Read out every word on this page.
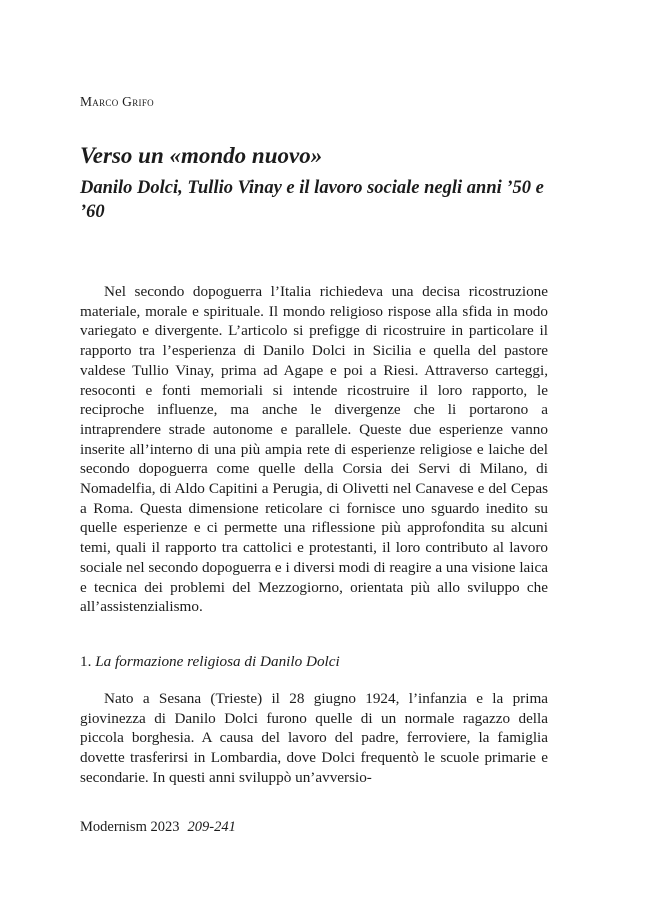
Marco Grifo
Verso un «mondo nuovo»
Danilo Dolci, Tullio Vinay e il lavoro sociale negli anni ’50 e ’60

Nel secondo dopoguerra l’Italia richiedeva una decisa ricostruzione materiale, morale e spirituale. Il mondo religioso rispose alla sfida in modo variegato e divergente. L’articolo si prefigge di ricostruire in particolare il rapporto tra l’esperienza di Danilo Dolci in Sicilia e quella del pastore valdese Tullio Vinay, prima ad Agape e poi a Riesi. Attraverso carteggi, resoconti e fonti memoriali si intende ricostruire il loro rapporto, le reciproche influenze, ma anche le divergenze che li portarono a intraprendere strade autonome e parallele. Queste due esperienze vanno inserite all’interno di una più ampia rete di esperienze religiose e laiche del secondo dopoguerra come quelle della Corsia dei Servi di Milano, di Nomadelfia, di Aldo Capitini a Perugia, di Olivetti nel Canavese e del Cepas a Roma. Questa dimensione reticolare ci fornisce uno sguardo inedito su quelle esperienze e ci permette una riflessione più approfondita su alcuni temi, quali il rapporto tra cattolici e protestanti, il loro contributo al lavoro sociale nel secondo dopoguerra e i diversi modi di reagire a una visione laica e tecnica dei problemi del Mezzogiorno, orientata più allo sviluppo che all’assistenzialismo.

1. La formazione religiosa di Danilo Dolci

Nato a Sesana (Trieste) il 28 giugno 1924, l’infanzia e la prima giovinezza di Danilo Dolci furono quelle di un normale ragazzo della piccola borghesia. A causa del lavoro del padre, ferroviere, la famiglia dovette trasferirsi in Lombardia, dove Dolci frequentò le scuole primarie e secondarie. In questi anni sviluppò un’avversio-

Modernism 2023 209-241
